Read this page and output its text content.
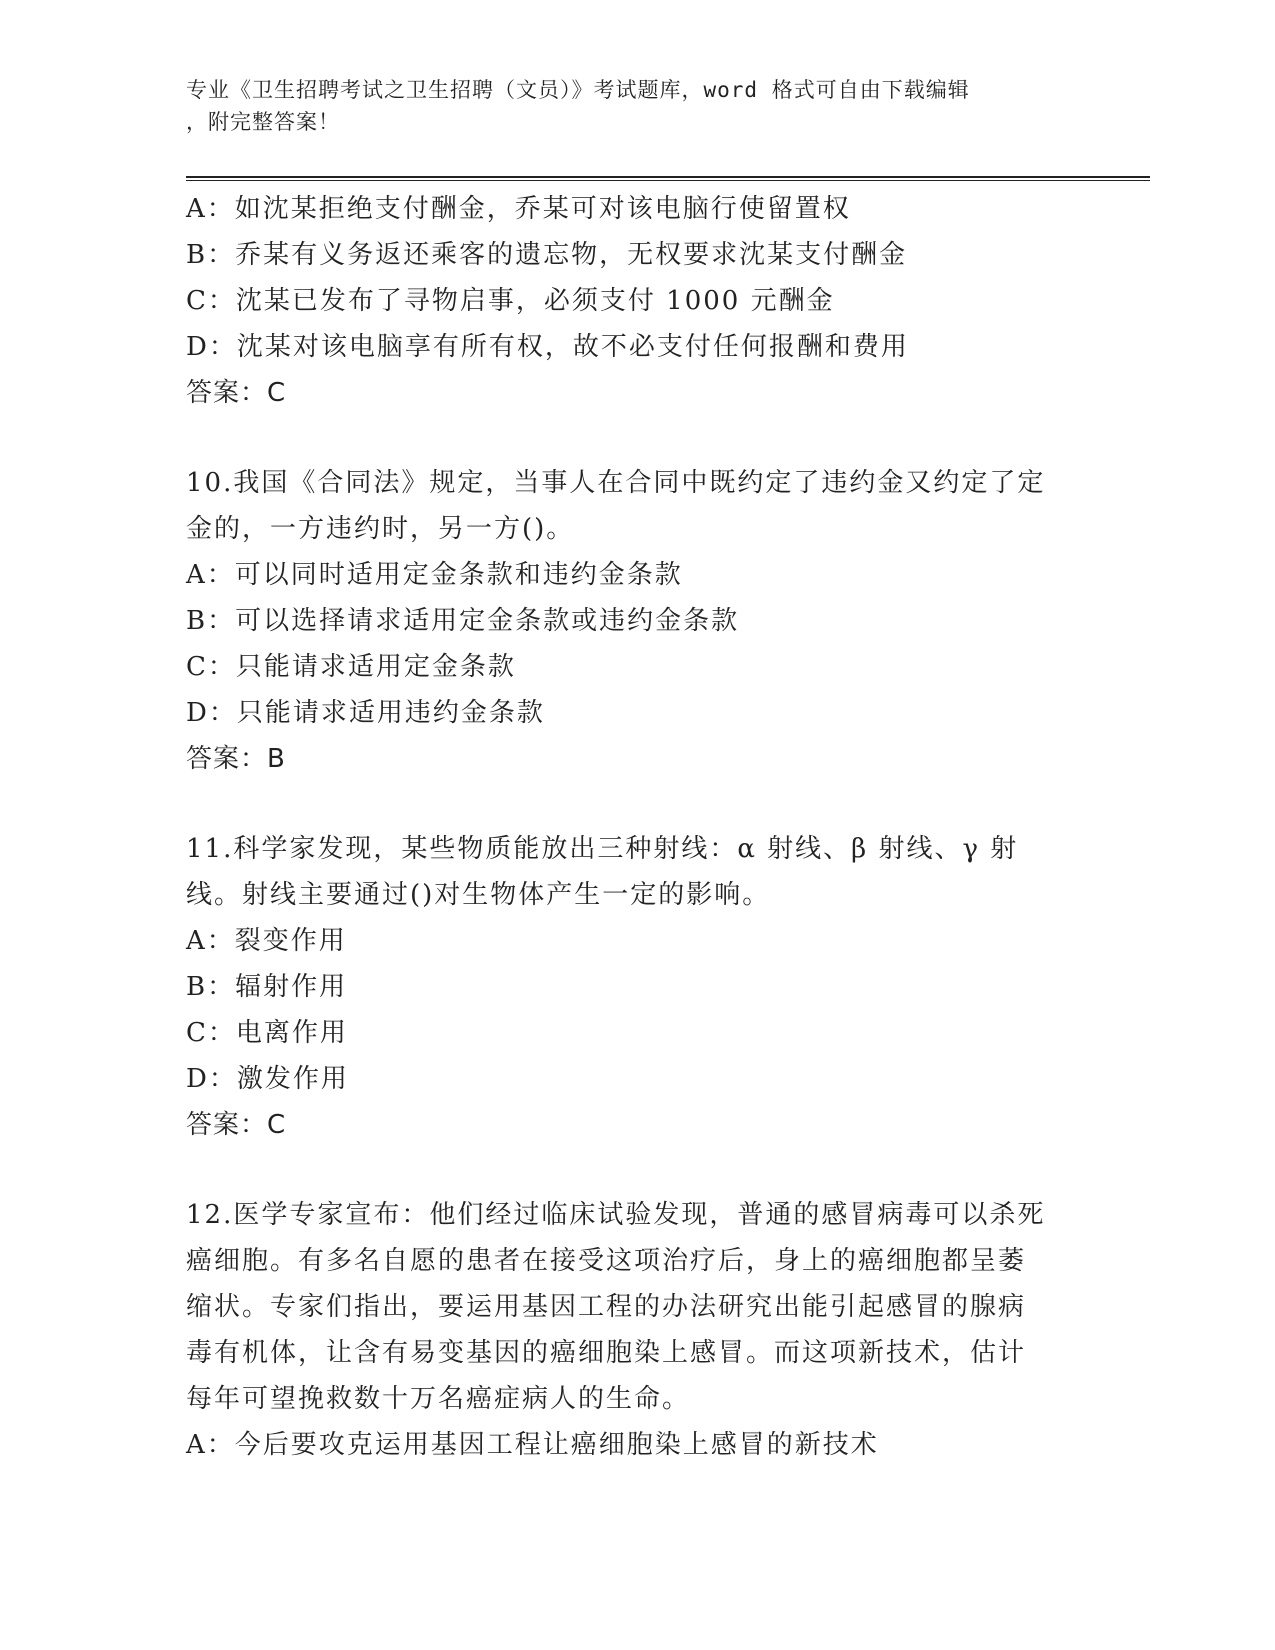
专业《卫生招聘考试之卫生招聘（文员）》考试题库，word 格式可自由下载编辑
，附完整答案！
A：如沈某拒绝支付酬金，乔某可对该电脑行使留置权
B：乔某有义务返还乘客的遗忘物，无权要求沈某支付酬金
C：沈某已发布了寻物启事，必须支付 1000 元酬金
D：沈某对该电脑享有所有权，故不必支付任何报酬和费用
答案：C
10.我国《合同法》规定，当事人在合同中既约定了违约金又约定了定
金的，一方违约时，另一方()。
A：可以同时适用定金条款和违约金条款
B：可以选择请求适用定金条款或违约金条款
C：只能请求适用定金条款
D：只能请求适用违约金条款
答案：B
11.科学家发现，某些物质能放出三种射线：α 射线、β 射线、γ 射
线。射线主要通过()对生物体产生一定的影响。
A：裂变作用
B：辐射作用
C：电离作用
D：激发作用
答案：C
12.医学专家宣布：他们经过临床试验发现，普通的感冒病毒可以杀死
癌细胞。有多名自愿的患者在接受这项治疗后，身上的癌细胞都呈萎
缩状。专家们指出，要运用基因工程的办法研究出能引起感冒的腺病
毒有机体，让含有易变基因的癌细胞染上感冒。而这项新技术，估计
每年可望挽救数十万名癌症病人的生命。
A：今后要攻克运用基因工程让癌细胞染上感冒的新技术
